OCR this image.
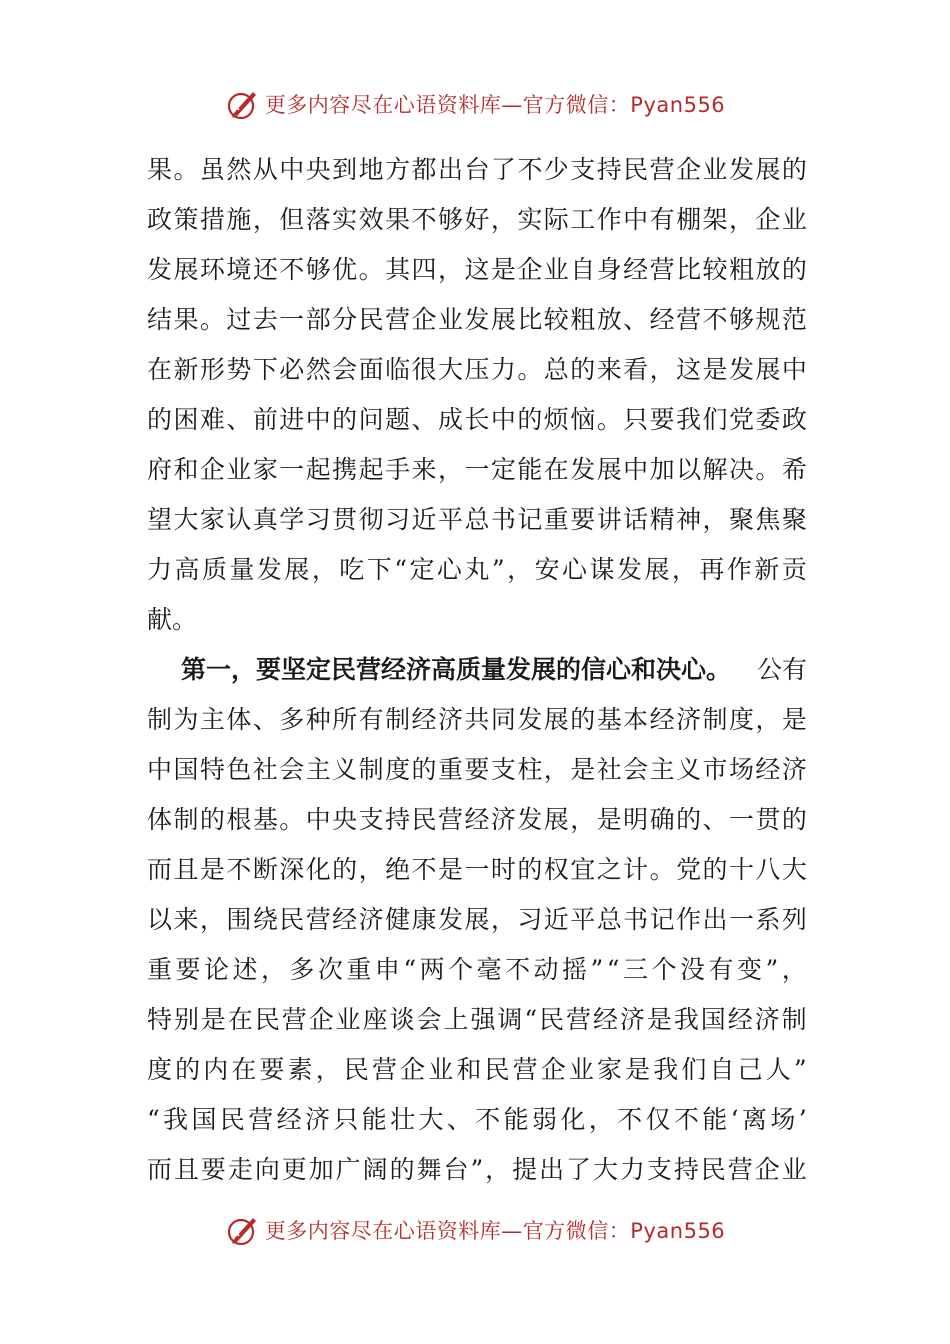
更多内容尽在心语资料库—官方微信：Pyan556
果 。 虽 然 从 中 央 到 地 方 都 出 台 了 不 少 支 持 民 营 企 业 发 展 的
政 策 措 施 ， 但 落 实 效 果 不 够 好 ， 实 际 工 作 中 有 棚 架 ， 企 业
发 展 环 境 还 不 够 优 。 其 四 ， 这 是 企 业 自 身 经 营 比 较 粗 放 的
结 果 。 过 去 一 部 分 民 营 企 业 发 展 比 较 粗 放 、 经 营 不 够 规 范
在 新 形 势 下 必 然 会 面 临 很 大 压 力 。 总 的 来 看 ， 这 是 发 展 中
的 困 难 、 前 进 中 的 问 题 、 成 长 中 的 烦 恼 。 只 要 我 们 党 委 政
府 和 企 业 家 一 起 携 起 手 来 ， 一 定 能 在 发 展 中 加 以 解 决 。 希
望 大 家 认 真 学 习 贯 彻 习 近 平 总 书 记 重 要 讲 话 精 神 ， 聚 焦 聚
力 高 质 量 发 展 ， 吃 下 “ 定 心 丸 ” ， 安 心 谋 发 展 ， 再 作 新 贡
献。
第一，要坚定民营经济高质量发展的信心和决心。 公有
制 为 主 体 、 多 种 所 有 制 经 济 共 同 发 展 的 基 本 经 济 制 度 ， 是
中 国 特 色 社 会 主 义 制 度 的 重 要 支 柱 ， 是 社 会 主 义 市 场 经 济
体 制 的 根 基 。 中 央 支 持 民 营 经 济 发 展 ， 是 明 确 的 、 一 贯 的
而 且 是 不 断 深 化 的 ， 绝 不 是 一 时 的 权 宜 之 计 。 党 的 十 八 大
以 来 ， 围 绕 民 营 经 济 健 康 发 展 ， 习 近 平 总 书 记 作 出 一 系 列
重 要 论 述 ， 多 次 重 申 “ 两 个 毫 不 动 摇 ” “ 三 个 没 有 变 ” ，
特 别 是 在 民 营 企 业 座 谈 会 上 强 调 “ 民 营 经 济 是 我 国 经 济 制
度 的 内 在 要 素 ， 民 营 企 业 和 民 营 企 业 家 是 我 们 自 己 人 ”
“ 我 国 民 营 经 济 只 能 壮 大 、 不 能 弱 化 ， 不 仅 不 能 ‘ 离 场 ’
而 且 要 走 向 更 加 广 阔 的 舞 台 ” ， 提 出 了 大 力 支 持 民 营 企 业
更多内容尽在心语资料库—官方微信：Pyan556
